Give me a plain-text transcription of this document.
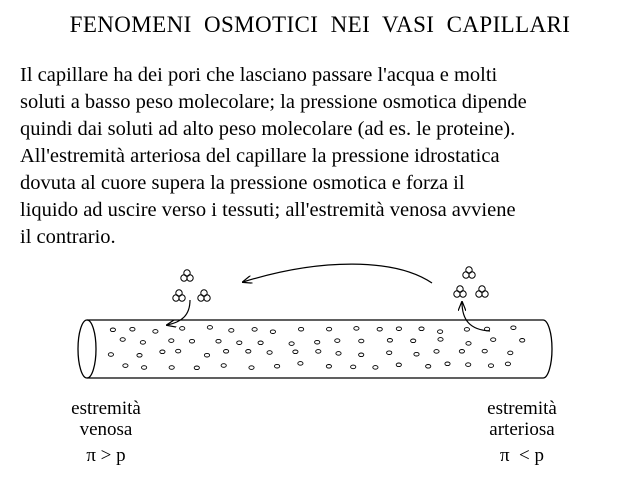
FENOMENI  OSMOTICI  NEI  VASI  CAPILLARI
Il capillare ha dei pori che lasciano passare l'acqua e molti
soluti a basso peso molecolare; la pressione osmotica dipende
quindi dai soluti ad alto peso molecolare (ad es. le proteine).
All'estremità arteriosa del capillare la pressione idrostatica
dovuta al cuore supera la pressione osmotica e forza il
liquido ad uscire verso i tessuti; all'estremità venosa avviene
il contrario.
estremità
venosa
π > p
estremità
arteriosa
π  < p
